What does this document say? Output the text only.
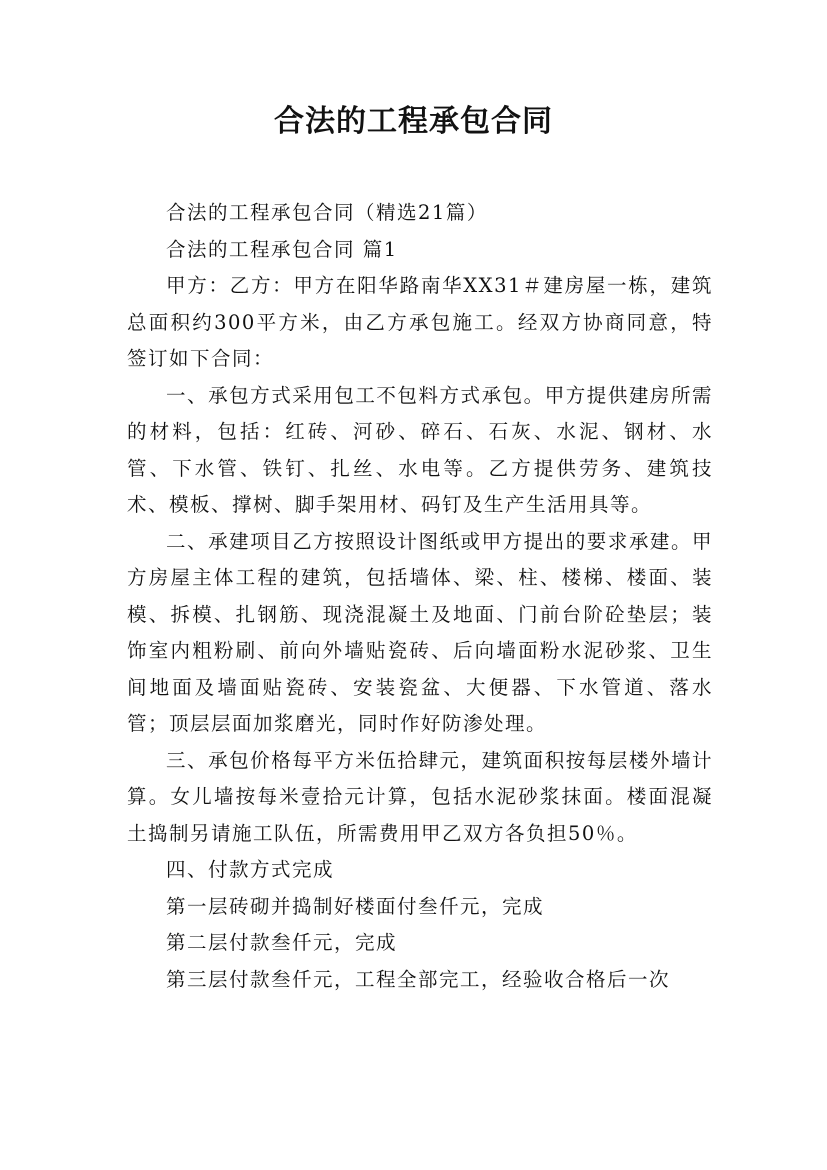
合法的工程承包合同

合法的工程承包合同（精选21篇）

合法的工程承包合同 篇1

甲方：乙方：甲方在阳华路南华XX31＃建房屋一栋，建筑总面积约300平方米，由乙方承包施工。经双方协商同意，特签订如下合同：

一、承包方式采用包工不包料方式承包。甲方提供建房所需的材料，包括：红砖、河砂、碎石、石灰、水泥、钢材、水管、下水管、铁钉、扎丝、水电等。乙方提供劳务、建筑技术、模板、撑树、脚手架用材、码钉及生产生活用具等。

二、承建项目乙方按照设计图纸或甲方提出的要求承建。甲方房屋主体工程的建筑，包括墙体、梁、柱、楼梯、楼面、装模、拆模、扎钢筋、现浇混凝土及地面、门前台阶砼垫层；装饰室内粗粉刷、前向外墙贴瓷砖、后向墙面粉水泥砂浆、卫生间地面及墙面贴瓷砖、安装瓷盆、大便器、下水管道、落水管；顶层层面加浆磨光，同时作好防渗处理。

三、承包价格每平方米伍拾肆元，建筑面积按每层楼外墙计算。女儿墙按每米壹拾元计算，包括水泥砂浆抹面。楼面混凝土捣制另请施工队伍，所需费用甲乙双方各负担50％。

四、付款方式完成

第一层砖砌并捣制好楼面付叁仟元，完成

第二层付款叁仟元，完成

第三层付款叁仟元，工程全部完工，经验收合格后一次
